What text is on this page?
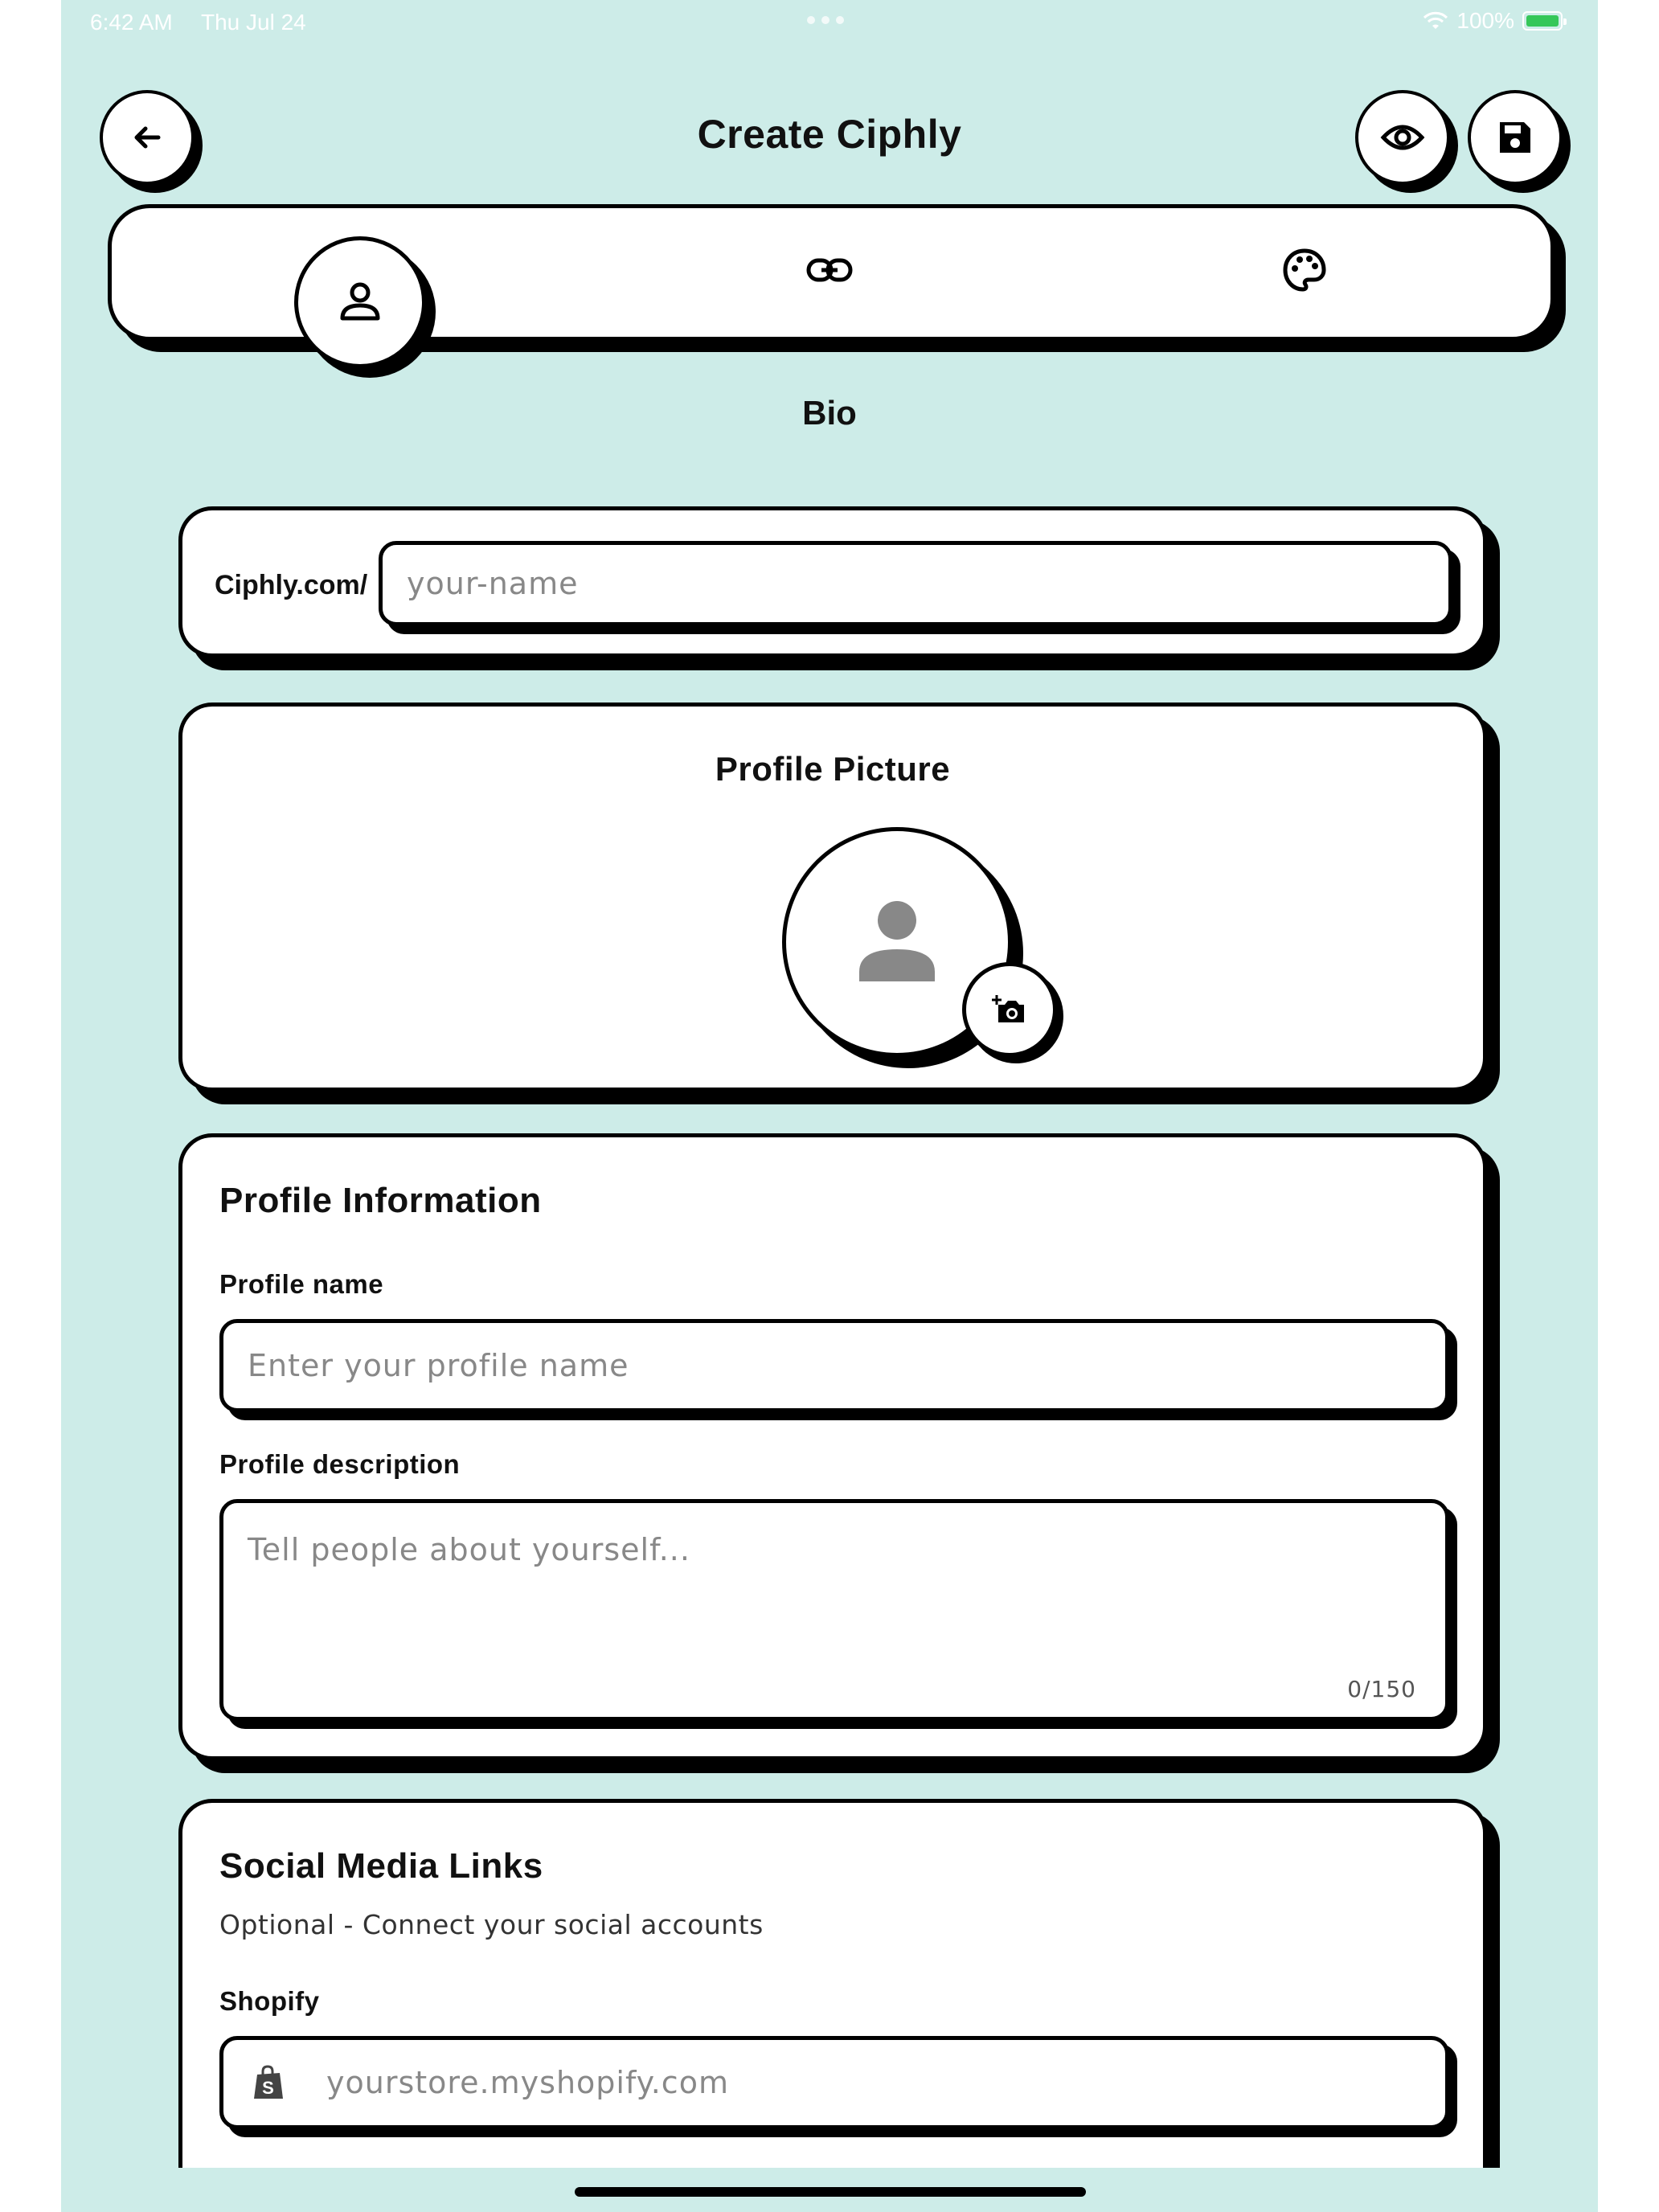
6:42 AM Thu Jul 24	100%
Create Ciphly
Bio
Ciphly.com/ your-name
Profile Picture
Profile Information
Profile name
Enter your profile name
Profile description
Tell people about yourself...
0/150
Social Media Links
Optional - Connect your social accounts
Shopify
S yourstore.myshopify.com
